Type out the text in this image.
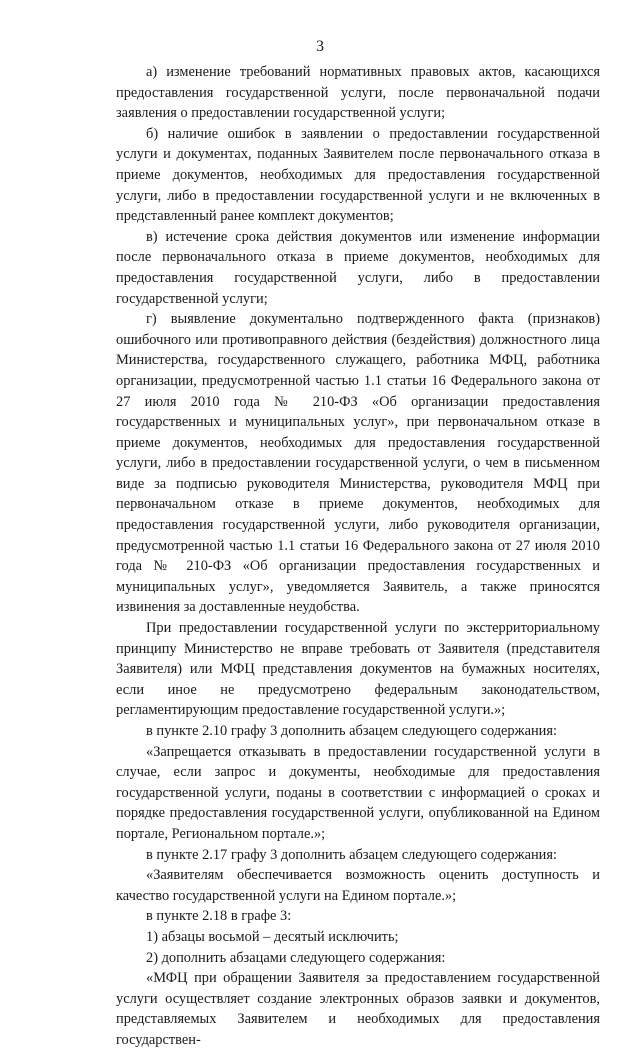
3

а) изменение требований нормативных правовых актов, касающихся предоставления государственной услуги, после первоначальной подачи заявления о предоставлении государственной услуги;

б) наличие ошибок в заявлении о предоставлении государственной услуги и документах, поданных Заявителем после первоначального отказа в приеме документов, необходимых для предоставления государственной услуги, либо в предоставлении государственной услуги и не включенных в представленный ранее комплект документов;

в) истечение срока действия документов или изменение информации после первоначального отказа в приеме документов, необходимых для предоставления государственной услуги, либо в предоставлении государственной услуги;

г) выявление документально подтвержденного факта (признаков) ошибочного или противоправного действия (бездействия) должностного лица Министерства, государственного служащего, работника МФЦ, работника организации, предусмотренной частью 1.1 статьи 16 Федерального закона от 27 июля 2010 года № 210-ФЗ «Об организации предоставления государственных и муниципальных услуг», при первоначальном отказе в приеме документов, необходимых для предоставления государственной услуги, либо в предоставлении государственной услуги, о чем в письменном виде за подписью руководителя Министерства, руководителя МФЦ при первоначальном отказе в приеме документов, необходимых для предоставления государственной услуги, либо руководителя организации, предусмотренной частью 1.1 статьи 16 Федерального закона от 27 июля 2010 года № 210-ФЗ «Об организации предоставления государственных и муниципальных услуг», уведомляется Заявитель, а также приносятся извинения за доставленные неудобства.

При предоставлении государственной услуги по экстерриториальному принципу Министерство не вправе требовать от Заявителя (представителя Заявителя) или МФЦ представления документов на бумажных носителях, если иное не предусмотрено федеральным законодательством, регламентирующим предоставление государственной услуги.»;

в пункте 2.10 графу 3 дополнить абзацем следующего содержания:

«Запрещается отказывать в предоставлении государственной услуги в случае, если запрос и документы, необходимые для предоставления государственной услуги, поданы в соответствии с информацией о сроках и порядке предоставления государственной услуги, опубликованной на Едином портале, Региональном портале.»;

в пункте 2.17 графу 3 дополнить абзацем следующего содержания:

«Заявителям обеспечивается возможность оценить доступность и качество государственной услуги на Едином портале.»;

в пункте 2.18 в графе 3:

1) абзацы восьмой – десятый исключить;

2) дополнить абзацами следующего содержания:

«МФЦ при обращении Заявителя за предоставлением государственной услуги осуществляет создание электронных образов заявки и документов, представляемых Заявителем и необходимых для предоставления государствен-
